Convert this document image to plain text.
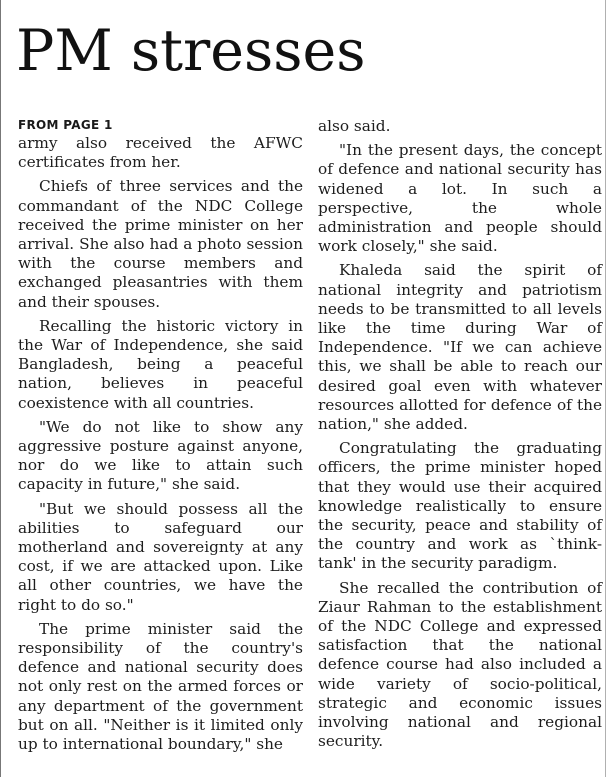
PM stresses
FROM PAGE 1

army also received the AFWC certificates from her.

Chiefs of three services and the commandant of the NDC College received the prime minister on her arrival. She also had a photo session with the course members and exchanged pleasantries with them and their spouses.

Recalling the historic victory in the War of Independence, she said Bangladesh, being a peaceful nation, believes in peaceful coexistence with all countries.

"We do not like to show any aggressive posture against anyone, nor do we like to attain such capacity in future," she said.

"But we should possess all the abilities to safeguard our motherland and sovereignty at any cost, if we are attacked upon. Like all other countries, we have the right to do so."

The prime minister said the responsibility of the country's defence and national security does not only rest on the armed forces or any department of the government but on all. "Neither is it limited only up to international boundary," she

also said.

"In the present days, the concept of defence and national security has widened a lot. In such a perspective, the whole administration and people should work closely," she said.

Khaleda said the spirit of national integrity and patriotism needs to be transmitted to all levels like the time during War of Independence. "If we can achieve this, we shall be able to reach our desired goal even with whatever resources allotted for defence of the nation," she added.

Congratulating the graduating officers, the prime minister hoped that they would use their acquired knowledge realistically to ensure the security, peace and stability of the country and work as `think-tank' in the security paradigm.

She recalled the contribution of Ziaur Rahman to the establishment of the NDC College and expressed satisfaction that the national defence course had also included a wide variety of socio-political, strategic and economic issues involving national and regional security.
